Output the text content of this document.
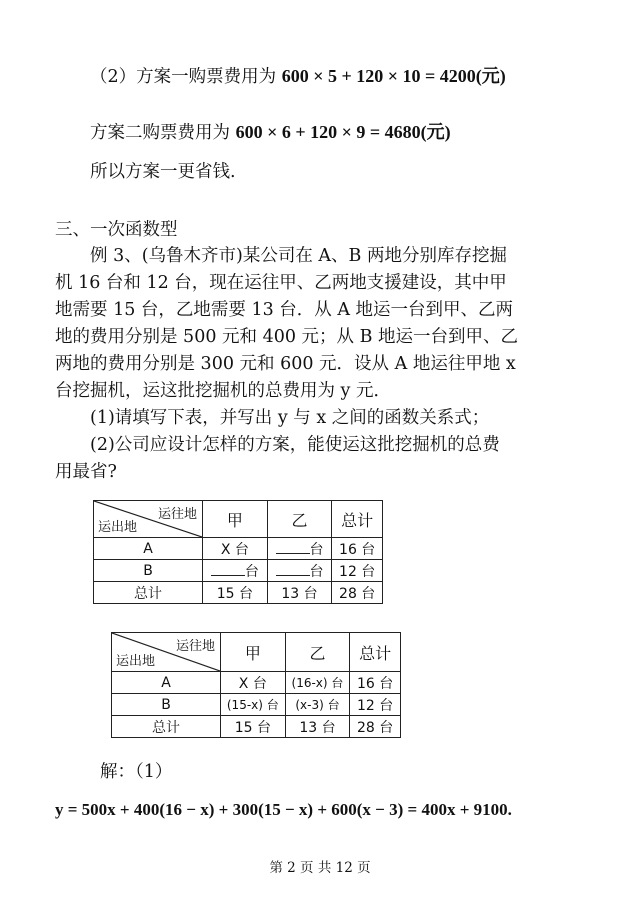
（2）方案一购票费用为 600 × 5 + 120 × 10 = 4200(元)
方案二购票费用为 600 × 6 + 120 × 9 = 4680(元)
所以方案一更省钱.
三、一次函数型
例 3、(乌鲁木齐市)某公司在 A、B 两地分别库存挖掘
机 16 台和 12 台，现在运往甲、乙两地支援建设，其中甲
地需要 15 台，乙地需要 13 台．从 A 地运一台到甲、乙两
地的费用分别是 500 元和 400 元；从 B 地运一台到甲、乙
两地的费用分别是 300 元和 600 元．设从 A 地运往甲地 x
台挖掘机，运这批挖掘机的总费用为 y 元．
(1)请填写下表，并写出 y 与 x 之间的函数关系式；
(2)公司应设计怎样的方案，能使运这批挖掘机的总费
用最省?
运往地
运出地	甲	乙	总计
A	X 台	台	16 台
B	台	台	12 台
总计	15 台	13 台	28 台
运往地
运出地	甲	乙	总计
A	X 台	(16-x) 台	16 台
B	(15-x) 台	(x-3) 台	12 台
总计	15 台	13 台	28 台
解：（1）
y = 500x + 400(16 − x) + 300(15 − x) + 600(x − 3) = 400x + 9100.
第 2 页 共 12 页
